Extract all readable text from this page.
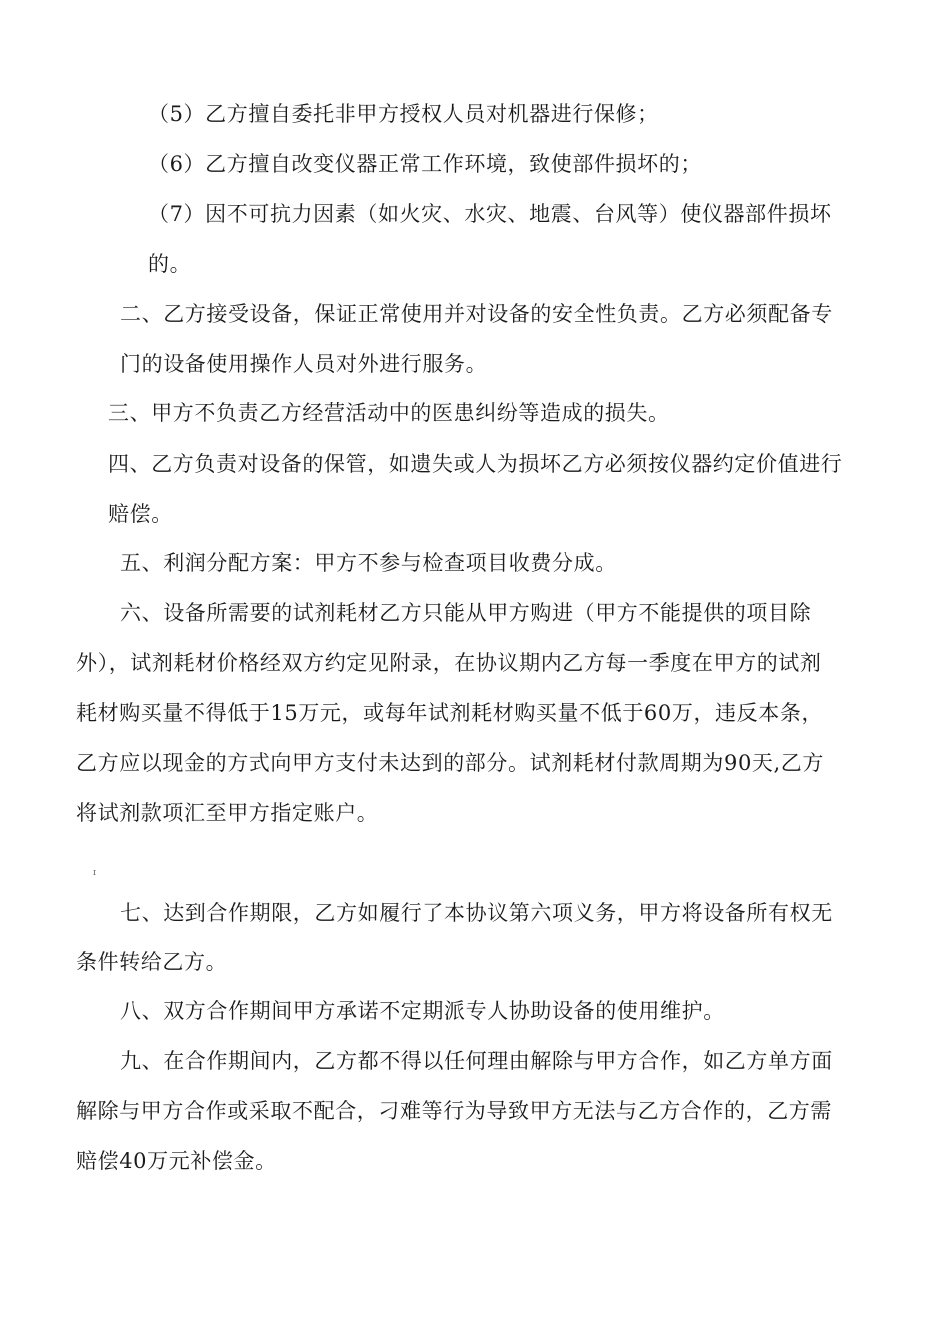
（5）乙方擅自委托非甲方授权人员对机器进行保修；
（6）乙方擅自改变仪器正常工作环境，致使部件损坏的；
（7）因不可抗力因素（如火灾、水灾、地震、台风等）使仪器部件损坏
的。
二、乙方接受设备，保证正常使用并对设备的安全性负责。乙方必须配备专
门的设备使用操作人员对外进行服务。
三、甲方不负责乙方经营活动中的医患纠纷等造成的损失。
四、乙方负责对设备的保管，如遗失或人为损坏乙方必须按仪器约定价值进行
赔偿。
五、利润分配方案：甲方不参与检查项目收费分成。
六、设备所需要的试剂耗材乙方只能从甲方购进（甲方不能提供的项目除
外），试剂耗材价格经双方约定见附录，在协议期内乙方每一季度在甲方的试剂
耗材购买量不得低于15万元，或每年试剂耗材购买量不低于60万，违反本条，
乙方应以现金的方式向甲方支付未达到的部分。试剂耗材付款周期为90天,乙方
将试剂款项汇至甲方指定账户。
ɪ
七、达到合作期限，乙方如履行了本协议第六项义务，甲方将设备所有权无
条件转给乙方。
八、双方合作期间甲方承诺不定期派专人协助设备的使用维护。
九、在合作期间内，乙方都不得以任何理由解除与甲方合作，如乙方单方面
解除与甲方合作或采取不配合，刁难等行为导致甲方无法与乙方合作的，乙方需
赔偿40万元补偿金。
